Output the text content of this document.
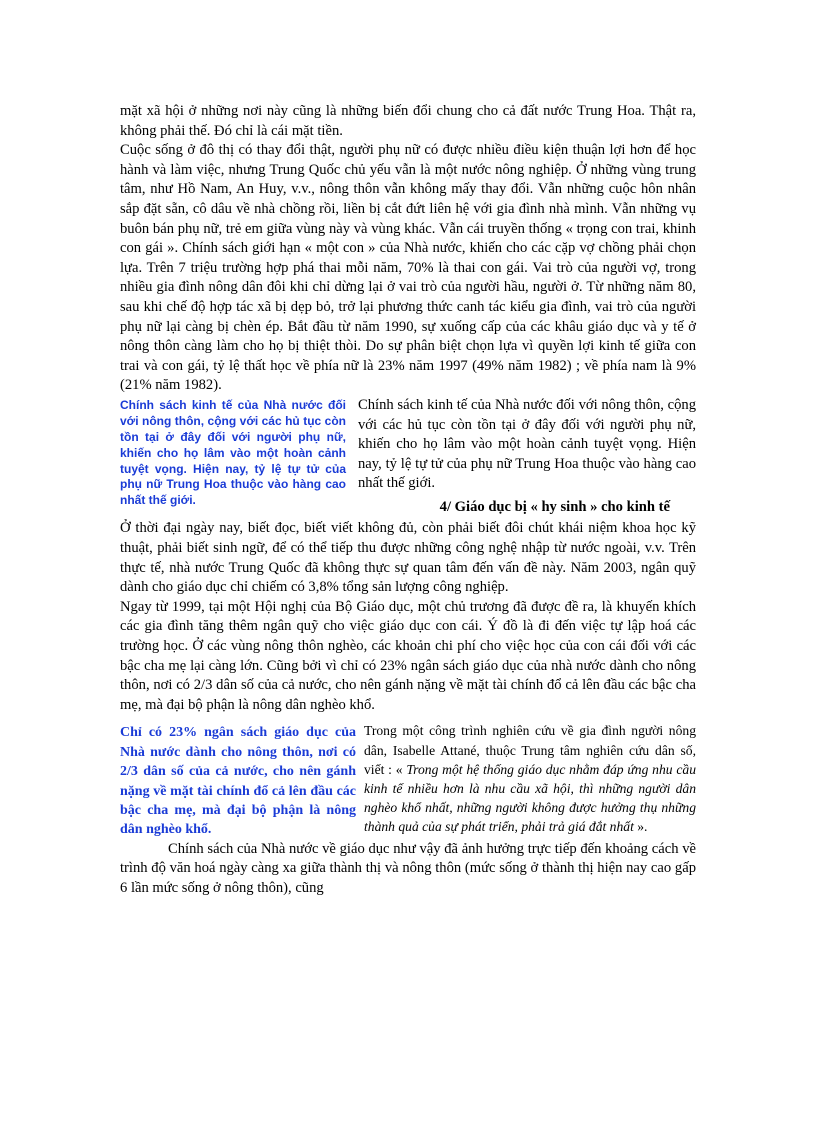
mặt xã hội ở những nơi này cũng là những biến đổi chung cho cả đất nước Trung Hoa. Thật ra, không phải thế. Đó chỉ là cái mặt tiền.

Cuộc sống ở đô thị có thay đổi thật, người phụ nữ có được nhiều điều kiện thuận lợi hơn để học hành và làm việc, nhưng Trung Quốc chủ yếu vẫn là một nước nông nghiệp. Ở những vùng trung tâm, như Hồ Nam, An Huy, v.v., nông thôn vẫn không mấy thay đổi. Vẫn những cuộc hôn nhân sắp đặt sẵn, cô dâu về nhà chồng rồi, liền bị cắt đứt liên hệ với gia đình nhà mình. Vẫn những vụ buôn bán phụ nữ, trẻ em giữa vùng này và vùng khác. Vẫn cái truyền thống « trọng con trai, khinh con gái ». Chính sách giới hạn « một con » của Nhà nước, khiến cho các cặp vợ chồng phải chọn lựa. Trên 7 triệu trường hợp phá thai mỗi năm, 70% là thai con gái. Vai trò của người vợ, trong nhiều gia đình nông dân đôi khi chỉ dừng lại ở vai trò của người hầu, người ở. Từ những năm 80, sau khi chế độ hợp tác xã bị dẹp bỏ, trở lại phương thức canh tác kiểu gia đình, vai trò của người phụ nữ lại càng bị chèn ép. Bắt đầu từ năm 1990, sự xuống cấp của các khâu giáo dục và y tế ở nông thôn càng làm cho họ bị thiệt thòi. Do sự phân biệt chọn lựa vì quyền lợi kinh tế giữa con trai và con gái, tỷ lệ thất học về phía nữ là 23% năm 1997 (49% năm 1982) ; về phía nam là 9% (21% năm 1982).

Chính sách kinh tế của Nhà nước đối với nông thôn, cộng với các hủ tục còn tồn tại ở đây đối với người phụ nữ, khiến cho họ lâm vào một hoàn cảnh tuyệt vọng. Hiện nay, tỷ lệ tự tử của phụ nữ Trung Hoa thuộc vào hàng cao nhất thế giới.

Chính sách kinh tế của Nhà nước đối với nông thôn, cộng với các hủ tục còn tồn tại ở đây đối với người phụ nữ, khiến cho họ lâm vào một hoàn cảnh tuyệt vọng. Hiện nay, tỷ lệ tự tử của phụ nữ Trung Hoa thuộc vào hàng cao nhất thế giới.

4/ Giáo dục bị « hy sinh » cho kinh tế

Ở thời đại ngày nay, biết đọc, biết viết không đủ, còn phải biết đôi chút khái niệm khoa học kỹ thuật, phải biết sinh ngữ, để có thể tiếp thu được những công nghệ nhập từ nước ngoài, v.v. Trên thực tế, nhà nước Trung Quốc đã không thực sự quan tâm đến vấn đề này. Năm 2003, ngân quỹ dành cho giáo dục chỉ chiếm có 3,8% tổng sản lượng công nghiệp.

Ngay từ 1999, tại một Hội nghị của Bộ Giáo dục, một chủ trương đã được đề ra, là khuyến khích các gia đình tăng thêm ngân quỹ cho việc giáo dục con cái. Ý đồ là đi đến việc tự lập hoá các trường học. Ở các vùng nông thôn nghèo, các khoản chi phí cho việc học của con cái đối với các bậc cha mẹ lại càng lớn. Cũng bởi vì chỉ có 23% ngân sách giáo dục của nhà nước dành cho nông thôn, nơi có 2/3 dân số của cả nước, cho nên gánh nặng về mặt tài chính đổ cả lên đầu các bậc cha mẹ, mà đại bộ phận là nông dân nghèo khổ.

Chỉ có 23% ngân sách giáo dục của Nhà nước dành cho nông thôn, nơi có 2/3 dân số của cả nước, cho nên gánh nặng về mặt tài chính đổ cả lên đầu các bậc cha mẹ, mà đại bộ phận là nông dân nghèo khổ.

Trong một công trình nghiên cứu về gia đình người nông dân, Isabelle Attané, thuộc Trung tâm nghiên cứu dân số, viết : « Trong một hệ thống giáo dục nhằm đáp ứng nhu cầu kinh tế nhiều hơn là nhu cầu xã hội, thì những người dân nghèo khổ nhất, những người không được hưởng thụ những thành quả của sự phát triển, phải trả giá đắt nhất ».

Chính sách của Nhà nước về giáo dục như vậy đã ảnh hưởng trực tiếp đến khoảng cách về trình độ văn hoá ngày càng xa giữa thành thị và nông thôn (mức sống ở thành thị hiện nay cao gấp 6 lần mức sống ở nông thôn), cũng
